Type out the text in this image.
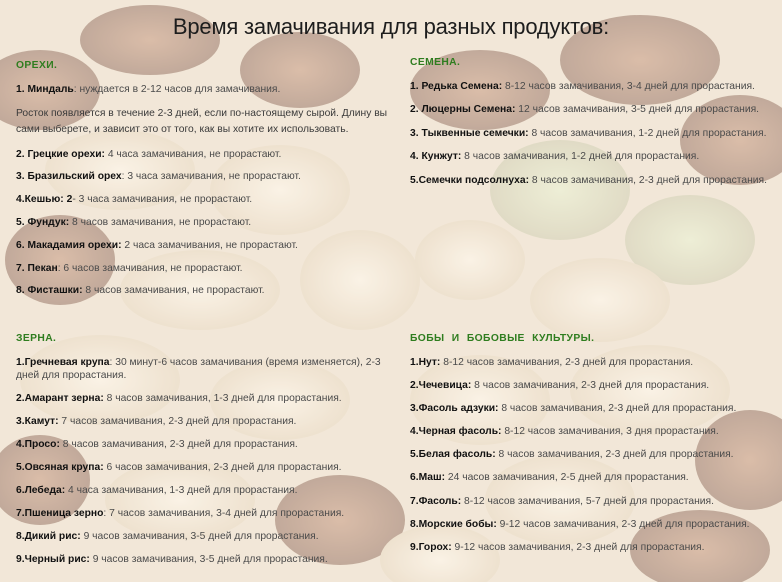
Время замачивания для разных продуктов:
ОРЕХИ.
1. Миндаль: нуждается в 2-12 часов для замачивания.
Росток появляется в течение 2-3 дней, если по-настоящему сырой. Длину вы сами выберете, и зависит это от того, как вы хотите их использовать.
2. Грецкие орехи: 4 часа замачивания, не прорастают.
3. Бразильский орех: 3 часа замачивания, не прорастают.
4.Кешью: 2- 3 часа замачивания, не прорастают.
5. Фундук: 8 часов замачивания, не прорастают.
6. Макадамия орехи: 2 часа замачивания, не прорастают.
7. Пекан: 6 часов замачивания, не прорастают.
8. Фисташки: 8 часов замачивания, не прорастают.
СЕМЕНА.
1. Редька Семена: 8-12 часов замачивания, 3-4 дней для прорастания.
2. Люцерны Семена: 12 часов замачивания, 3-5 дней для прорастания.
3. Тыквенные семечки: 8 часов замачивания, 1-2 дней для прорастания.
4. Кунжут: 8 часов замачивания, 1-2 дней для прорастания.
5.Семечки подсолнуха: 8 часов замачивания, 2-3 дней для прорастания.
ЗЕРНА.
1.Гречневая крупа: 30 минут-6 часов замачивания (время изменяется), 2-3 дней для прорастания.
2.Амарант зерна: 8 часов замачивания, 1-3 дней для прорастания.
3.Камут: 7 часов замачивания, 2-3 дней для прорастания.
4.Просо: 8 часов замачивания, 2-3 дней для прорастания.
5.Овсяная крупа: 6 часов замачивания, 2-3 дней для прорастания.
6.Лебеда: 4 часа замачивания, 1-3 дней для прорастания.
7.Пшеница зерно: 7 часов замачивания, 3-4 дней для прорастания.
8.Дикий рис: 9 часов замачивания, 3-5 дней для прорастания.
9.Черный рис: 9 часов замачивания, 3-5 дней для прорастания.
БОБЫ И БОБОВЫЕ КУЛЬТУРЫ.
1.Нут: 8-12 часов замачивания, 2-3 дней для прорастания.
2.Чечевица: 8 часов замачивания, 2-3 дней для прорастания.
3.Фасоль адзуки: 8 часов замачивания, 2-3 дней для прорастания.
4.Черная фасоль: 8-12 часов замачивания, 3 дня прорастания.
5.Белая фасоль: 8 часов замачивания, 2-3 дней для прорастания.
6.Маш: 24 часов замачивания, 2-5 дней для прорастания.
7.Фасоль: 8-12 часов замачивания, 5-7 дней для прорастания.
8.Морские бобы: 9-12 часов замачивания, 2-3 дней для прорастания.
9.Горох: 9-12 часов замачивания, 2-3 дней для прорастания.
